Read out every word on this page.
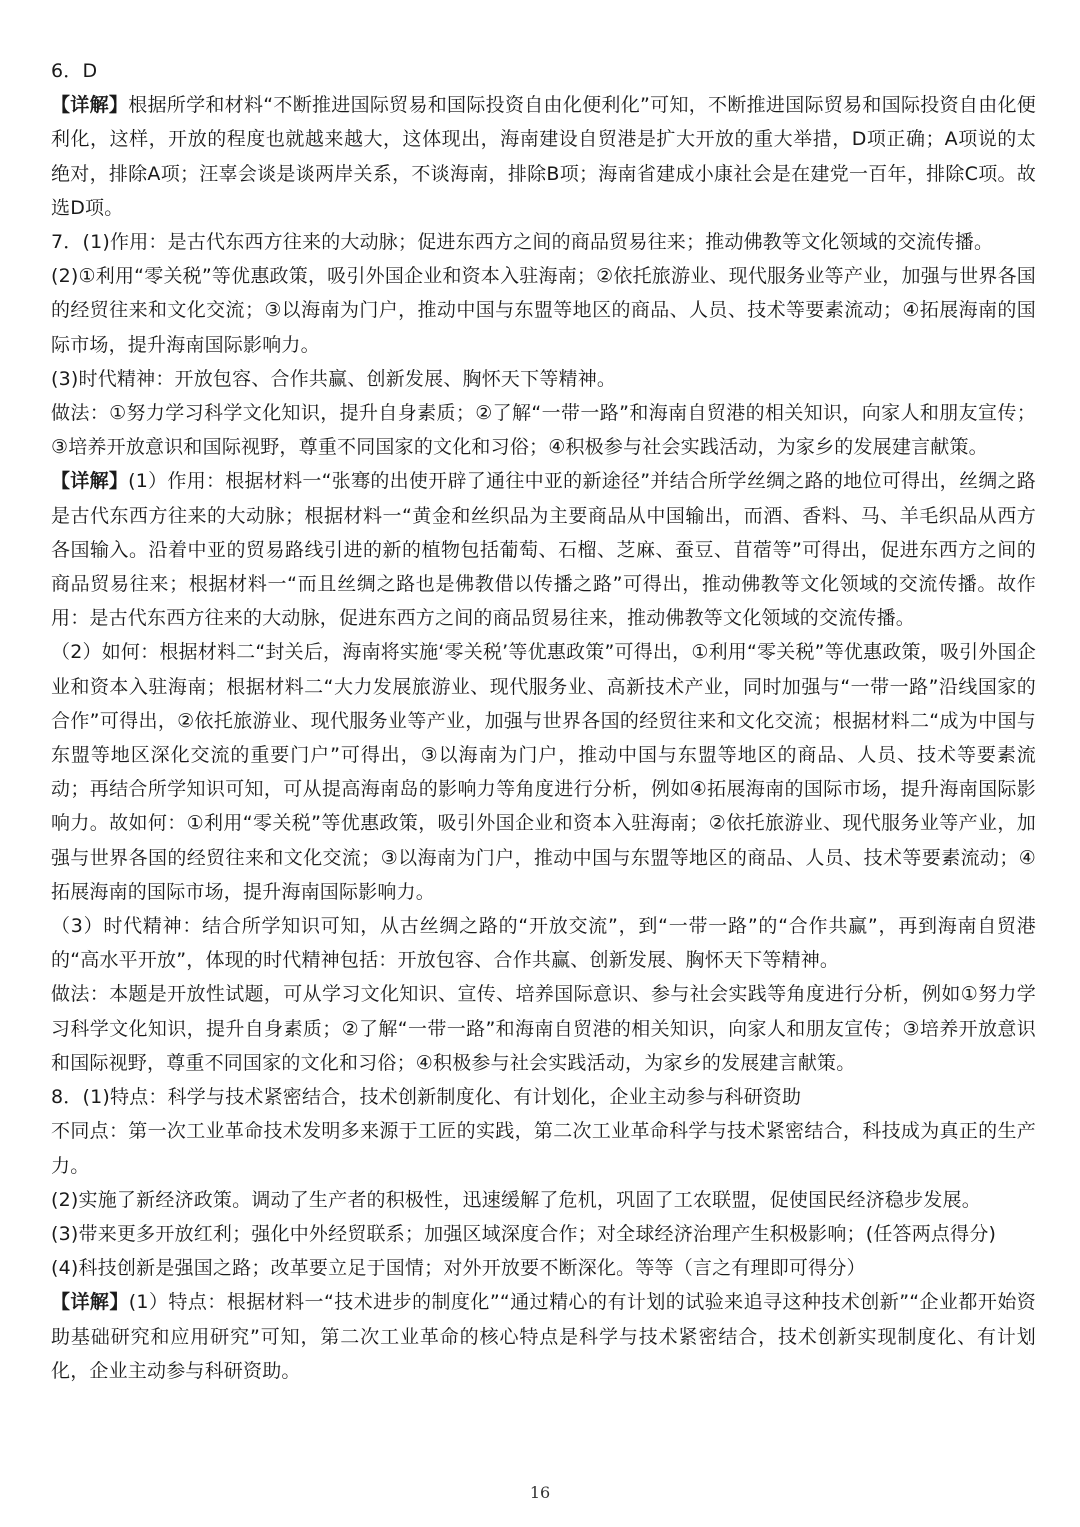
6．D

【详解】根据所学和材料“不断推进国际贸易和国际投资自由化便利化”可知，不断推进国际贸易和国际投资自由化便利化，这样，开放的程度也就越来越大，这体现出，海南建设自贸港是扩大开放的重大举措，D项正确；A项说的太绝对，排除A项；汪辜会谈是谈两岸关系，不谈海南，排除B项；海南省建成小康社会是在建党一百年，排除C项。故选D项。

7．(1)作用：是古代东西方往来的大动脉；促进东西方之间的商品贸易往来；推动佛教等文化领域的交流传播。

(2)①利用“零关税”等优惠政策，吸引外国企业和资本入驻海南；②依托旅游业、现代服务业等产业，加强与世界各国的经贸往来和文化交流；③以海南为门户，推动中国与东盟等地区的商品、人员、技术等要素流动；④拓展海南的国际市场，提升海南国际影响力。

(3)时代精神：开放包容、合作共赢、创新发展、胸怀天下等精神。

做法：①努力学习科学文化知识，提升自身素质；②了解“一带一路”和海南自贸港的相关知识，向家人和朋友宣传；③培养开放意识和国际视野，尊重不同国家的文化和习俗；④积极参与社会实践活动，为家乡的发展建言献策。

【详解】(1）作用：根据材料一“张骞的出使开辟了通往中亚的新途径”并结合所学丝绸之路的地位可得出，丝绸之路是古代东西方往来的大动脉；根据材料一“黄金和丝织品为主要商品从中国输出，而酒、香料、马、羊毛织品从西方各国输入。沿着中亚的贸易路线引进的新的植物包括葡萄、石榴、芝麻、蚕豆、苜蓿等”可得出，促进东西方之间的商品贸易往来；根据材料一“而且丝绸之路也是佛教借以传播之路”可得出，推动佛教等文化领域的交流传播。故作用：是古代东西方往来的大动脉，促进东西方之间的商品贸易往来，推动佛教等文化领域的交流传播。

（2）如何：根据材料二“封关后，海南将实施‘零关税’等优惠政策”可得出，①利用“零关税”等优惠政策，吸引外国企业和资本入驻海南；根据材料二“大力发展旅游业、现代服务业、高新技术产业，同时加强与“一带一路”沿线国家的合作”可得出，②依托旅游业、现代服务业等产业，加强与世界各国的经贸往来和文化交流；根据材料二“成为中国与东盟等地区深化交流的重要门户”可得出，③以海南为门户，推动中国与东盟等地区的商品、人员、技术等要素流动；再结合所学知识可知，可从提高海南岛的影响力等角度进行分析，例如④拓展海南的国际市场，提升海南国际影响力。故如何：①利用“零关税”等优惠政策，吸引外国企业和资本入驻海南；②依托旅游业、现代服务业等产业，加强与世界各国的经贸往来和文化交流；③以海南为门户，推动中国与东盟等地区的商品、人员、技术等要素流动；④拓展海南的国际市场，提升海南国际影响力。

（3）时代精神：结合所学知识可知，从古丝绸之路的“开放交流”，到“一带一路”的“合作共赢”，再到海南自贸港的“高水平开放”，体现的时代精神包括：开放包容、合作共赢、创新发展、胸怀天下等精神。

做法：本题是开放性试题，可从学习文化知识、宣传、培养国际意识、参与社会实践等角度进行分析，例如①努力学习科学文化知识，提升自身素质；②了解“一带一路”和海南自贸港的相关知识，向家人和朋友宣传；③培养开放意识和国际视野，尊重不同国家的文化和习俗；④积极参与社会实践活动，为家乡的发展建言献策。

8．(1)特点：科学与技术紧密结合，技术创新制度化、有计划化，企业主动参与科研资助

不同点：第一次工业革命技术发明多来源于工匠的实践，第二次工业革命科学与技术紧密结合，科技成为真正的生产力。

(2)实施了新经济政策。调动了生产者的积极性，迅速缓解了危机，巩固了工农联盟，促使国民经济稳步发展。

(3)带来更多开放红利；强化中外经贸联系；加强区域深度合作；对全球经济治理产生积极影响；(任答两点得分)

(4)科技创新是强国之路；改革要立足于国情；对外开放要不断深化。等等（言之有理即可得分）

【详解】(1）特点：根据材料一“技术进步的制度化”“通过精心的有计划的试验来追寻这种技术创新”“企业都开始资助基础研究和应用研究”可知，第二次工业革命的核心特点是科学与技术紧密结合，技术创新实现制度化、有计划化，企业主动参与科研资助。

16
